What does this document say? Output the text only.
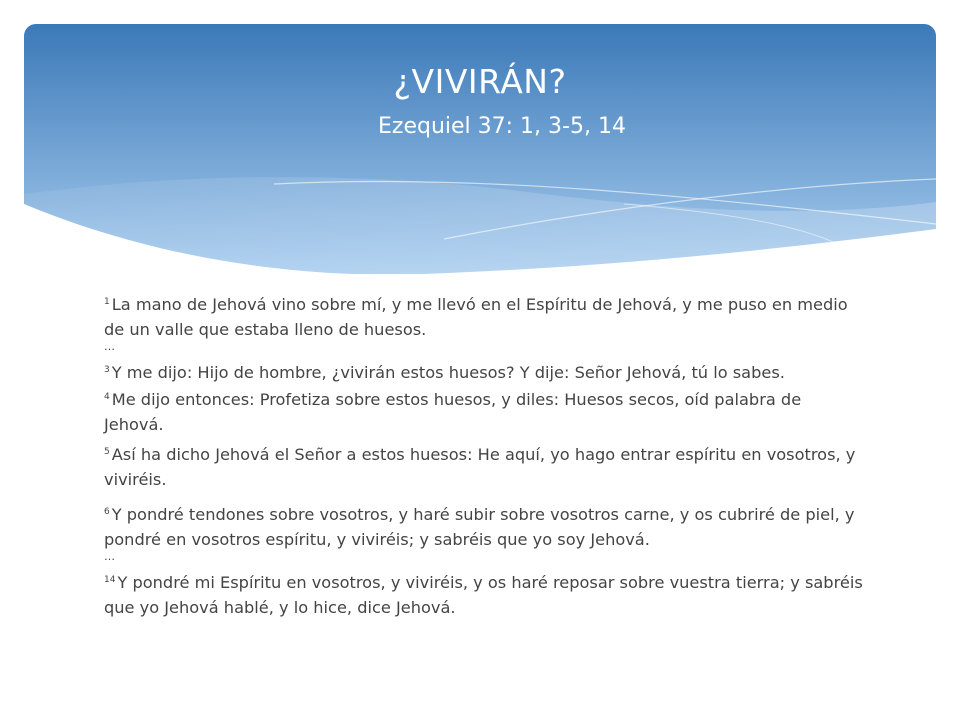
¿VIVIRÁN?
Ezequiel 37: 1, 3-5, 14

$^1$ La mano de Jehová vino sobre mí, y me llevó en el Espíritu de Jehová, y me puso en medio de un valle que estaba lleno de huesos.

…

$^3$ Y me dijo: Hijo de hombre, ¿vivirán estos huesos? Y dije: Señor Jehová, tú lo sabes.

$^4$ Me dijo entonces: Profetiza sobre estos huesos, y diles: Huesos secos, oíd palabra de Jehová.

$^5$ Así ha dicho Jehová el Señor a estos huesos: He aquí, yo hago entrar espíritu en vosotros, y viviréis.

$^6$ Y pondré tendones sobre vosotros, y haré subir sobre vosotros carne, y os cubriré de piel, y pondré en vosotros espíritu, y viviréis; y sabréis que yo soy Jehová.

…

$^{14}$ Y pondré mi Espíritu en vosotros, y viviréis, y os haré reposar sobre vuestra tierra; y sabréis que yo Jehová hablé, y lo hice, dice Jehová.
